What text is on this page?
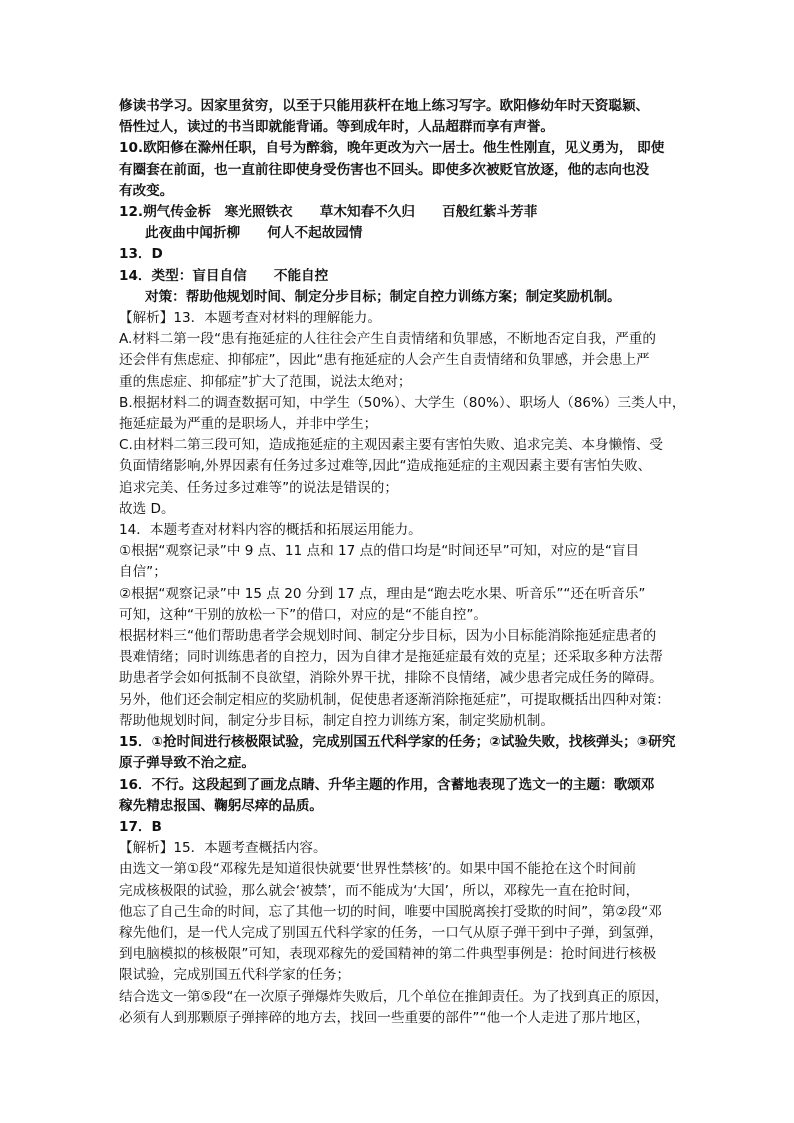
修读书学习。因家里贫穷，以至于只能用荻杆在地上练习写字。欧阳修幼年时天资聪颖、
悟性过人，读过的书当即就能背诵。等到成年时，人品超群而享有声誉。
10.欧阳修在滁州任职，自号为醉翁，晚年更改为六一居士。他生性刚直，见义勇为， 即使
有圈套在前面，也一直前往即使身受伤害也不回头。即使多次被贬官放逐，他的志向也没
有改变。
12.朔气传金柝　寒光照铁衣　　草木知春不久归　　百般红紫斗芳菲
此夜曲中闻折柳　　何人不起故园情
13．D
14．类型：盲目自信　　不能自控
对策：帮助他规划时间、制定分步目标；制定自控力训练方案；制定奖励机制。
【解析】13．本题考查对材料的理解能力。
A.材料二第一段“患有拖延症的人往往会产生自责情绪和负罪感，不断地否定自我，严重的
还会伴有焦虑症、抑郁症”，因此“患有拖延症的人会产生自责情绪和负罪感，并会患上严
重的焦虑症、抑郁症”扩大了范围，说法太绝对；
B.根据材料二的调查数据可知，中学生（50%）、大学生（80%）、职场人（86%）三类人中，
拖延症最为严重的是职场人，并非中学生；
C.由材料二第三段可知，造成拖延症的主观因素主要有害怕失败、追求完美、本身懒惰、受
负面情绪影响,外界因素有任务过多过难等,因此“造成拖延症的主观因素主要有害怕失败、
追求完美、任务过多过难等”的说法是错误的；
故选 D。
14．本题考查对材料内容的概括和拓展运用能力。
①根据“观察记录”中 9 点、11 点和 17 点的借口均是“时间还早”可知，对应的是“盲目
自信”；
②根据“观察记录”中 15 点 20 分到 17 点，理由是“跑去吃水果、听音乐”“还在听音乐”
可知，这种“干别的放松一下”的借口，对应的是“不能自控”。
根据材料三“他们帮助患者学会规划时间、制定分步目标，因为小目标能消除拖延症患者的
畏难情绪；同时训练患者的自控力，因为自律才是拖延症最有效的克星；还采取多种方法帮
助患者学会如何抵制不良欲望，消除外界干扰，排除不良情绪，减少患者完成任务的障碍。
另外，他们还会制定相应的奖励机制，促使患者逐渐消除拖延症”，可提取概括出四种对策：
帮助他规划时间，制定分步目标，制定自控力训练方案，制定奖励机制。
15．①抢时间进行核极限试验，完成别国五代科学家的任务；②试验失败，找核弹头；③研究
原子弹导致不治之症。
16．不行。这段起到了画龙点睛、升华主题的作用，含蓄地表现了选文一的主题：歌颂邓
稼先精忠报国、鞠躬尽瘁的品质。
17．B
【解析】15．本题考查概括内容。
由选文一第①段“邓稼先是知道很快就要‘世界性禁核’的。如果中国不能抢在这个时间前
完成核极限的试验，那么就会‘被禁’，而不能成为‘大国’，所以，邓稼先一直在抢时间，
他忘了自己生命的时间，忘了其他一切的时间，唯要中国脱离挨打受欺的时间”，第②段“邓
稼先他们，是一代人完成了别国五代科学家的任务，一口气从原子弹干到中子弹，到氢弹，
到电脑模拟的核极限”可知，表现邓稼先的爱国精神的第二件典型事例是：抢时间进行核极
限试验，完成别国五代科学家的任务；
结合选文一第⑤段“在一次原子弹爆炸失败后，几个单位在推卸责任。为了找到真正的原因，
必须有人到那颗原子弹摔碎的地方去，找回一些重要的部件”“他一个人走进了那片地区，
